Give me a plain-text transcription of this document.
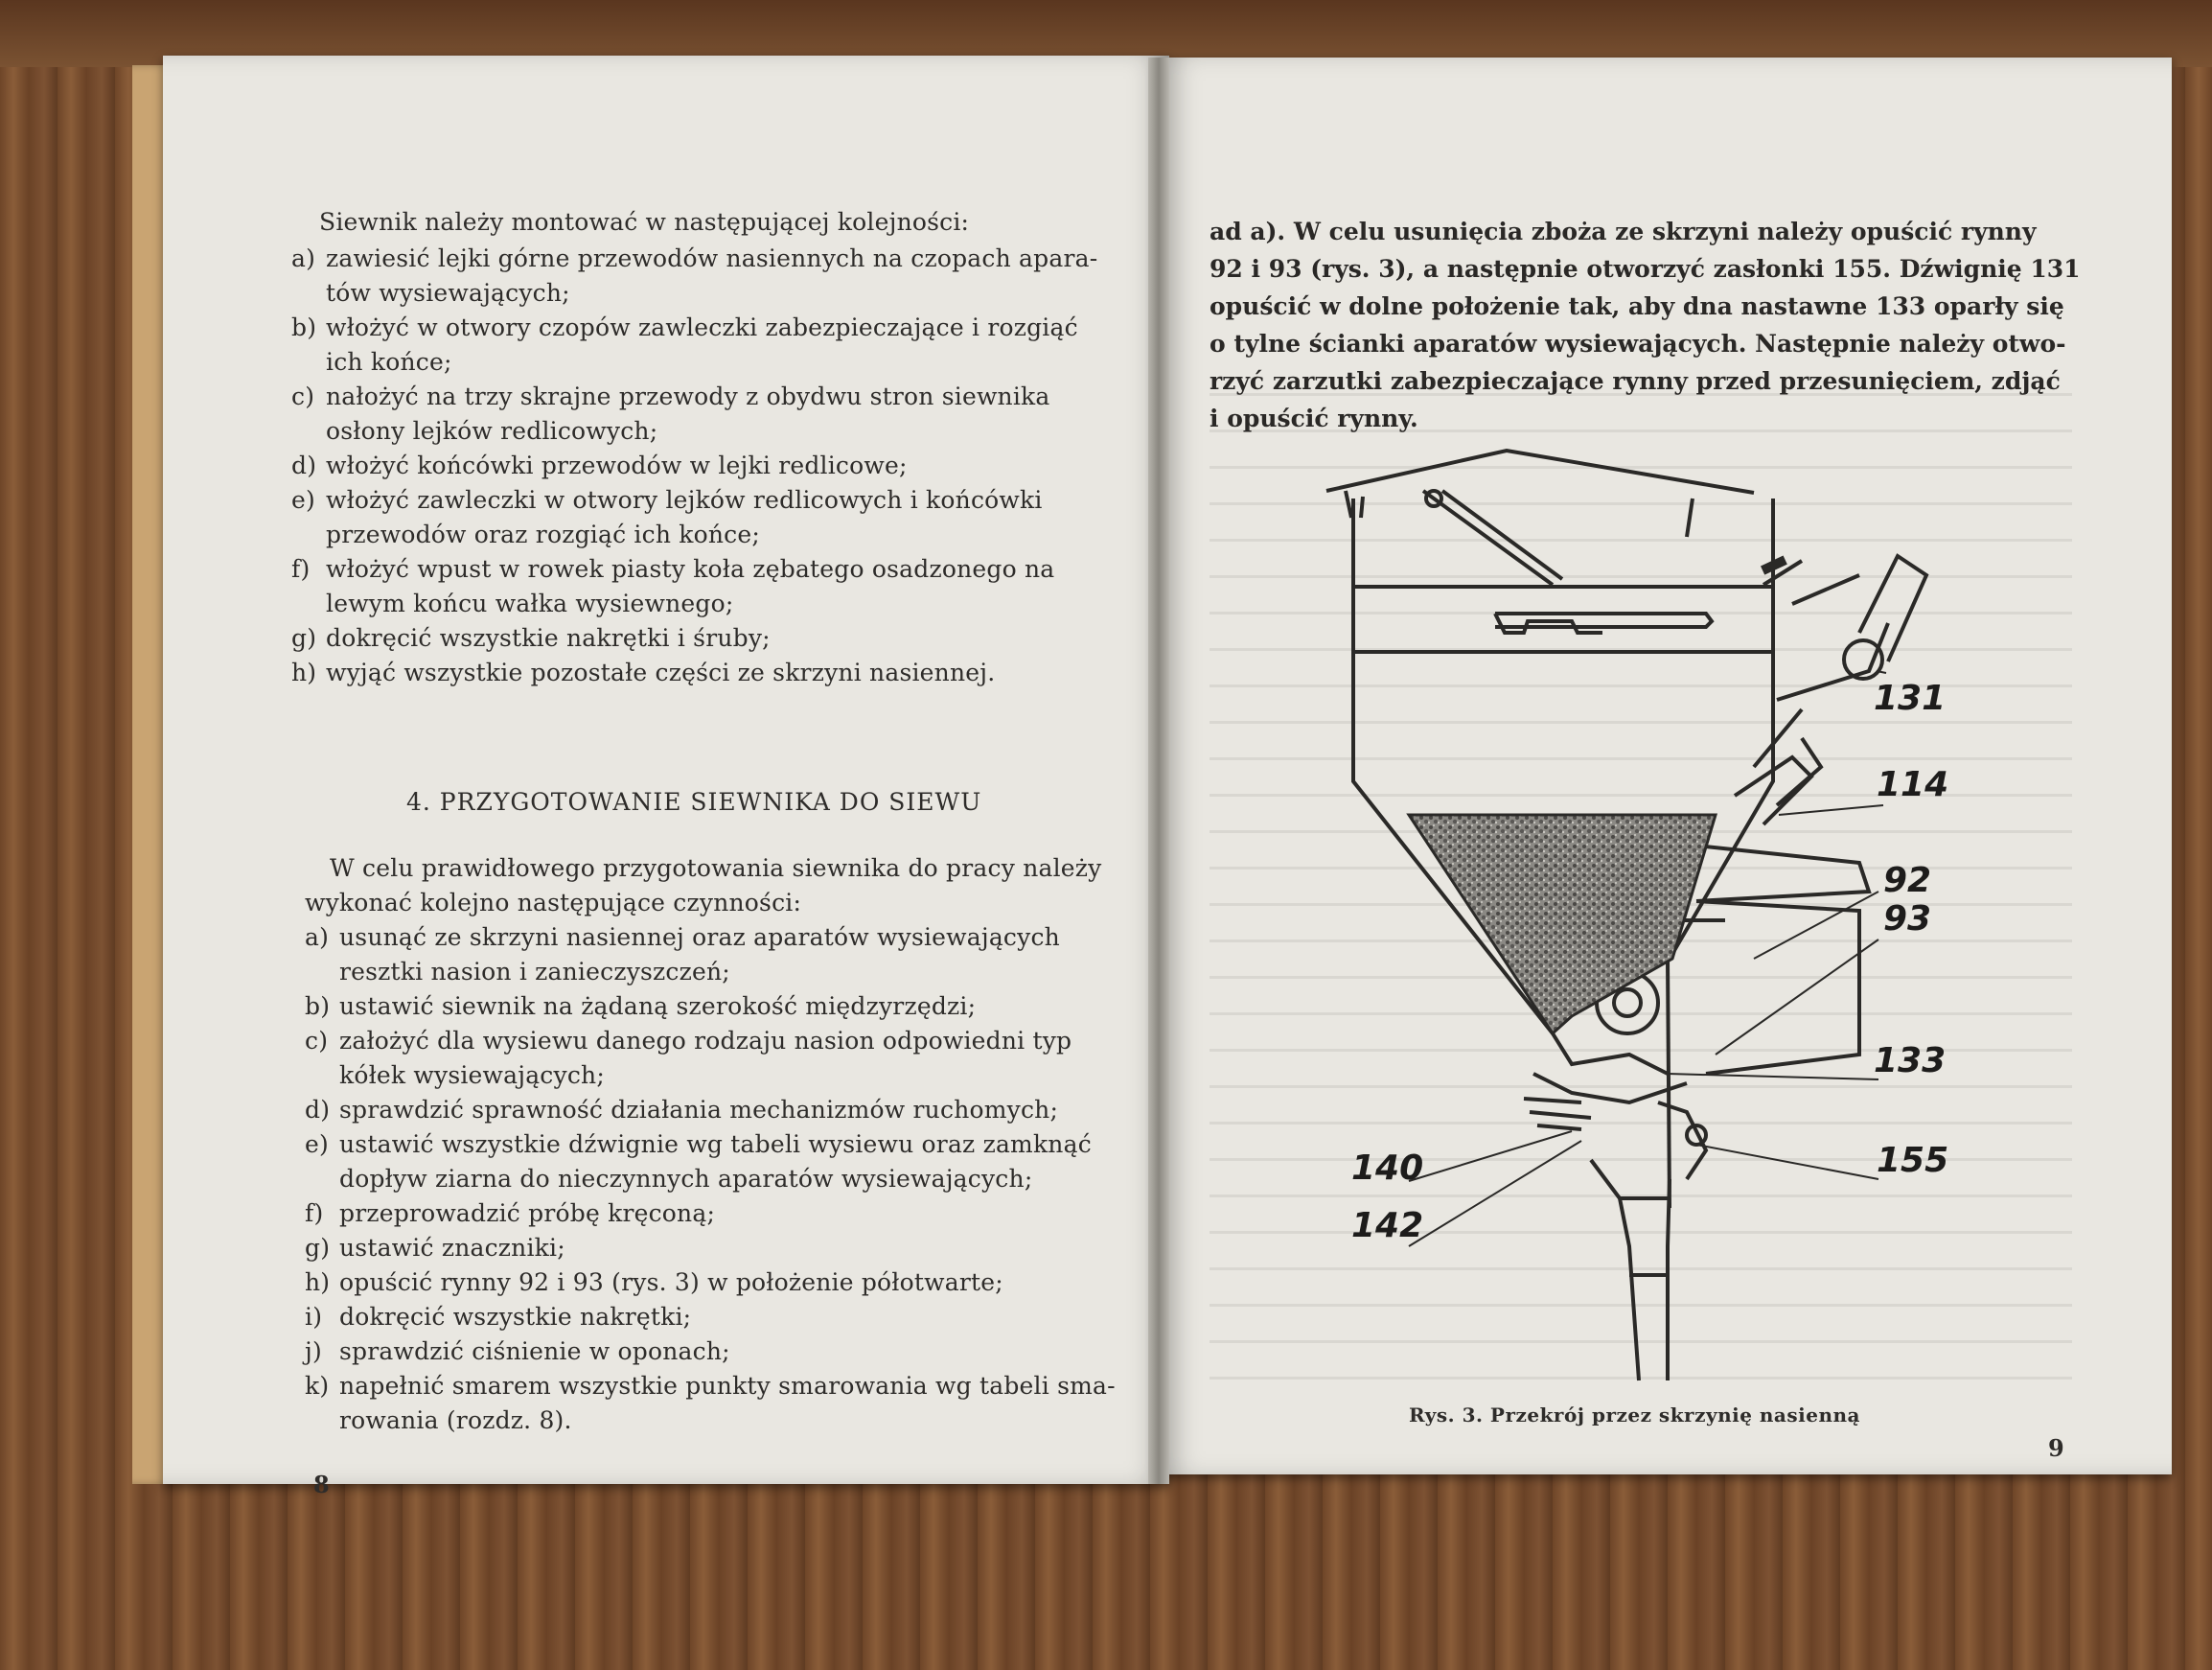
Siewnik należy montować w następującej kolejności:
a) zawiesić lejki górne przewodów nasiennych na czopach apara-
tów wysiewających;
b) włożyć w otwory czopów zawleczki zabezpieczające i rozgiąć
ich końce;
c) nałożyć na trzy skrajne przewody z obydwu stron siewnika
osłony lejków redlicowych;
d) włożyć końcówki przewodów w lejki redlicowe;
e) włożyć zawleczki w otwory lejków redlicowych i końcówki
przewodów oraz rozgiąć ich końce;
f) włożyć wpust w rowek piasty koła zębatego osadzonego na
lewym końcu wałka wysiewnego;
g) dokręcić wszystkie nakrętki i śruby;
h) wyjąć wszystkie pozostałe części ze skrzyni nasiennej.
4. PRZYGOTOWANIE SIEWNIKA DO SIEWU
W celu prawidłowego przygotowania siewnika do pracy należy
wykonać kolejno następujące czynności:
a) usunąć ze skrzyni nasiennej oraz aparatów wysiewających
resztki nasion i zanieczyszczeń;
b) ustawić siewnik na żądaną szerokość międzyrzędzi;
c) założyć dla wysiewu danego rodzaju nasion odpowiedni typ
kółek wysiewających;
d) sprawdzić sprawność działania mechanizmów ruchomych;
e) ustawić wszystkie dźwignie wg tabeli wysiewu oraz zamknąć
dopływ ziarna do nieczynnych aparatów wysiewających;
f) przeprowadzić próbę kręconą;
g) ustawić znaczniki;
h) opuścić rynny 92 i 93 (rys. 3) w położenie półotwarte;
i) dokręcić wszystkie nakrętki;
j) sprawdzić ciśnienie w oponach;
k) napełnić smarem wszystkie punkty smarowania wg tabeli sma-
rowania (rozdz. 8).
8
ad a). W celu usunięcia zboża ze skrzyni należy opuścić rynny
92 i 93 (rys. 3), a następnie otworzyć zasłonki 155. Dźwignię 131
opuścić w dolne położenie tak, aby dna nastawne 133 oparły się
o tylne ścianki aparatów wysiewających. Następnie należy otwo-
rzyć zarzutki zabezpieczające rynny przed przesunięciem, zdjąć
i opuścić rynny.
131
114
92
93
133
155
140
142
Rys. 3. Przekrój przez skrzynię nasienną
9
